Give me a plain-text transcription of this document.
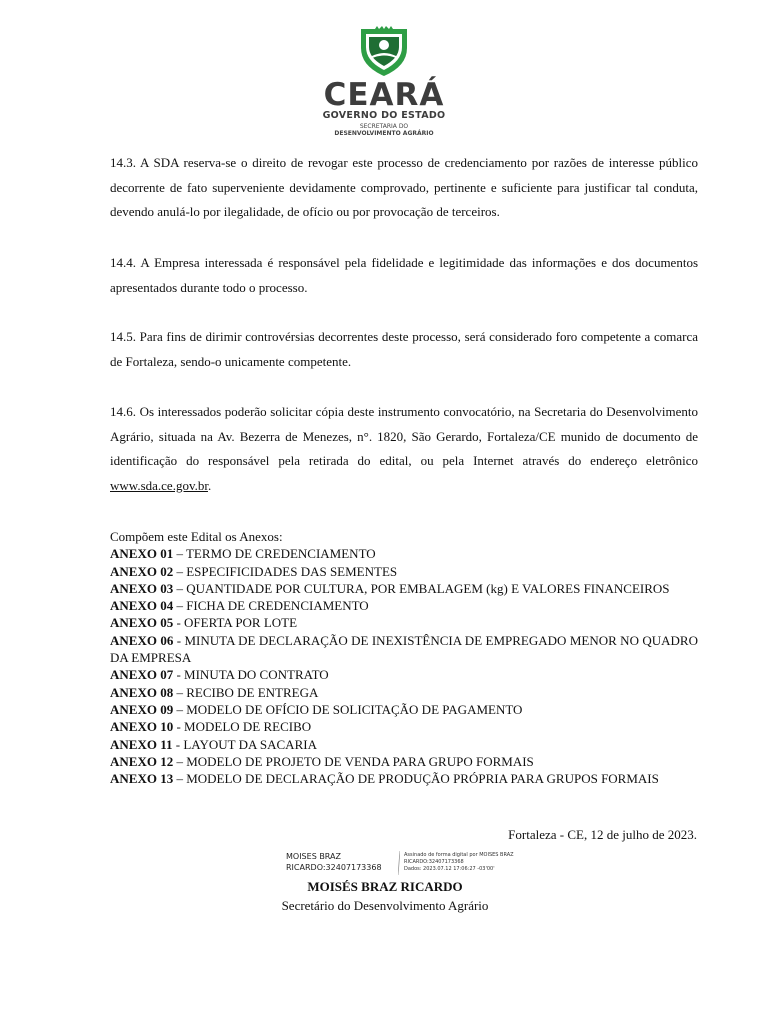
CEARÁ
GOVERNO DO ESTADO
SECRETARIA DO
DESENVOLVIMENTO AGRÁRIO

14.3. A SDA reserva-se o direito de revogar este processo de credenciamento por razões de interesse público decorrente de fato superveniente devidamente comprovado, pertinente e suficiente para justificar tal conduta, devendo anulá-lo por ilegalidade, de ofício ou por provocação de terceiros.

14.4. A Empresa interessada é responsável pela fidelidade e legitimidade das informações e dos documentos apresentados durante todo o processo.

14.5. Para fins de dirimir controvérsias decorrentes deste processo, será considerado foro competente a comarca de Fortaleza, sendo-o unicamente competente.

14.6. Os interessados poderão solicitar cópia deste instrumento convocatório, na Secretaria do Desenvolvimento Agrário, situada na Av. Bezerra de Menezes, n°. 1820, São Gerardo, Fortaleza/CE munido de documento de identificação do responsável pela retirada do edital, ou pela Internet através do endereço eletrônico www.sda.ce.gov.br.

Compõem este Edital os Anexos:
ANEXO 01 – TERMO DE CREDENCIAMENTO
ANEXO 02 – ESPECIFICIDADES DAS SEMENTES
ANEXO 03 – QUANTIDADE POR CULTURA, POR EMBALAGEM (kg) E VALORES FINANCEIROS
ANEXO 04 – FICHA DE CREDENCIAMENTO
ANEXO 05 - OFERTA POR LOTE
ANEXO 06 - MINUTA DE DECLARAÇÃO DE INEXISTÊNCIA DE EMPREGADO MENOR NO QUADRO DA EMPRESA
ANEXO 07 - MINUTA DO CONTRATO
ANEXO 08 – RECIBO DE ENTREGA
ANEXO 09 – MODELO DE OFÍCIO DE SOLICITAÇÃO DE PAGAMENTO
ANEXO 10 - MODELO DE RECIBO
ANEXO 11 - LAYOUT DA SACARIA
ANEXO 12 – MODELO DE PROJETO DE VENDA PARA GRUPO FORMAIS
ANEXO 13 – MODELO DE DECLARAÇÃO DE PRODUÇÃO PRÓPRIA PARA GRUPOS FORMAIS
Fortaleza - CE, 12 de julho de 2023.
MOISES BRAZ
RICARDO:32407173368
Assinado de forma digital por MOISES BRAZ
RICARDO:32407173368
Dados: 2023.07.12 17:06:27 -03'00'
MOISÉS BRAZ RICARDO
Secretário do Desenvolvimento Agrário
